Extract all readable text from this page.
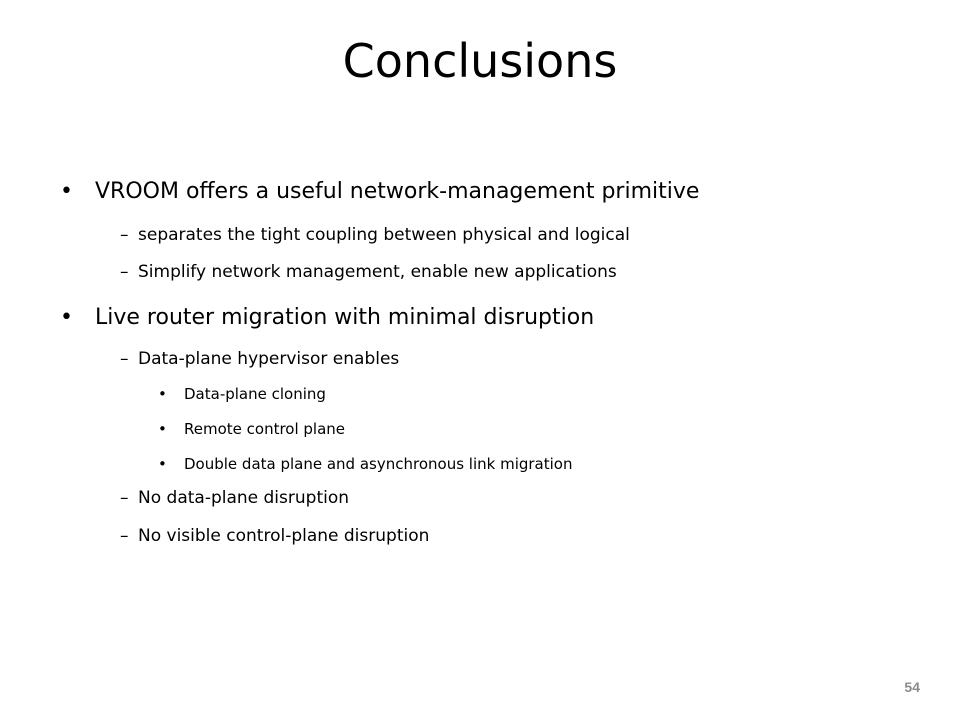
Conclusions
• VROOM offers a useful network-management primitive
– separates the tight coupling between physical and logical
– Simplify network management, enable new applications
• Live router migration with minimal disruption
– Data-plane hypervisor enables
• Data-plane cloning
• Remote control plane
• Double data plane and asynchronous link migration
– No data-plane disruption
– No visible control-plane disruption
54
